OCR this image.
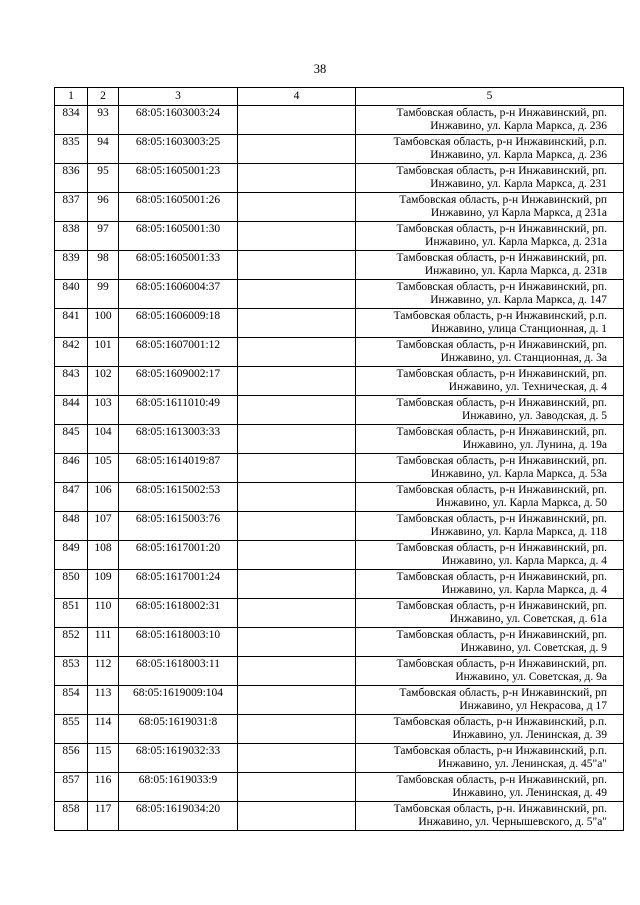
38
1	2	3	4	5
834	93	68:05:1603003:24		Тамбовская область, р-н Инжавинский, рп.
Инжавино, ул. Карла Маркса, д. 236

835	94	68:05:1603003:25		Тамбовская область, р-н Инжавинский, р.п.
Инжавино, ул. Карла Маркса, д. 236

836	95	68:05:1605001:23		Тамбовская область, р-н Инжавинский, рп.
Инжавино, ул. Карла Маркса, д. 231

837	96	68:05:1605001:26		Тамбовская область, р-н Инжавинский, рп
Инжавино, ул Карла Маркса, д 231а

838	97	68:05:1605001:30		Тамбовская область, р-н Инжавинский, рп.
Инжавино, ул. Карла Маркса, д. 231а

839	98	68:05:1605001:33		Тамбовская область, р-н Инжавинский, рп.
Инжавино, ул. Карла Маркса, д. 231в

840	99	68:05:1606004:37		Тамбовская область, р-н Инжавинский, рп.
Инжавино, ул. Карла Маркса, д. 147

841	100	68:05:1606009:18		Тамбовская область, р-н Инжавинский, р.п.
Инжавино, улица Станционная, д. 1

842	101	68:05:1607001:12		Тамбовская область, р-н Инжавинский, рп.
Инжавино, ул. Станционная, д. 3а

843	102	68:05:1609002:17		Тамбовская область, р-н Инжавинский, рп.
Инжавино, ул. Техническая, д. 4

844	103	68:05:1611010:49		Тамбовская область, р-н Инжавинский, рп.
Инжавино, ул. Заводская, д. 5

845	104	68:05:1613003:33		Тамбовская область, р-н Инжавинский, рп.
Инжавино, ул. Лунина, д. 19а

846	105	68:05:1614019:87		Тамбовская область, р-н Инжавинский, рп.
Инжавино, ул. Карла Маркса, д. 53а

847	106	68:05:1615002:53		Тамбовская область, р-н Инжавинский, рп.
Инжавино, ул. Карла Маркса, д. 50

848	107	68:05:1615003:76		Тамбовская область, р-н Инжавинский, рп.
Инжавино, ул. Карла Маркса, д. 118

849	108	68:05:1617001:20		Тамбовская область, р-н Инжавинский, рп.
Инжавино, ул. Карла Маркса, д. 4

850	109	68:05:1617001:24		Тамбовская область, р-н Инжавинский, рп.
Инжавино, ул. Карла Маркса, д. 4

851	110	68:05:1618002:31		Тамбовская область, р-н Инжавинский, рп.
Инжавино, ул. Советская, д. 61а

852	111	68:05:1618003:10		Тамбовская область, р-н Инжавинский, рп.
Инжавино, ул. Советская, д. 9

853	112	68:05:1618003:11		Тамбовская область, р-н Инжавинский, рп.
Инжавино, ул. Советская, д. 9а

854	113	68:05:1619009:104		Тамбовская область, р-н Инжавинский, рп
Инжавино, ул Некрасова, д 17

855	114	68:05:1619031:8		Тамбовская область, р-н Инжавинский, р.п.
Инжавино, ул. Ленинская, д. 39

856	115	68:05:1619032:33		Тамбовская область, р-н Инжавинский, р.п.
Инжавино, ул. Ленинская, д. 45"а"

857	116	68:05:1619033:9		Тамбовская область, р-н Инжавинский, рп.
Инжавино, ул. Ленинская, д. 49

858	117	68:05:1619034:20		Тамбовская область, р-н. Инжавинский, рп.
Инжавино, ул. Чернышевского, д. 5"а"
